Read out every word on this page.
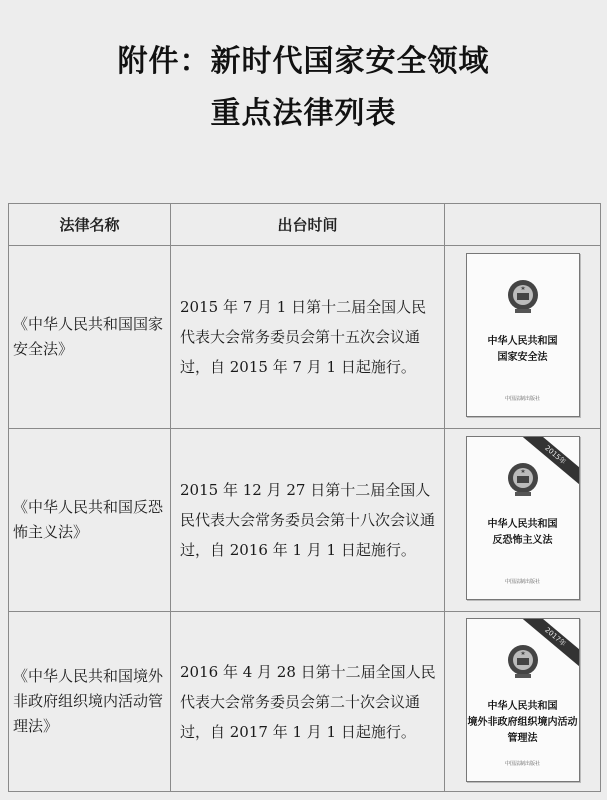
附件：新时代国家安全领域
重点法律列表
法律名称	出台时间	
《中华人民共和国国家安全法》	2015 年 7 月 1 日第十二届全国人民代表大会常务委员会第十五次会议通过，自 2015 年 7 月 1 日起施行。	中华人民共和国
国家安全法
中国法制出版社

《中华人民共和国反恐怖主义法》	2015 年 12 月 27 日第十二届全国人民代表大会常务委员会第十八次会议通过，自 2016 年 1 月 1 日起施行。	2015年
中华人民共和国
反恐怖主义法
中国法制出版社

《中华人民共和国境外非政府组织境内活动管理法》	2016 年 4 月 28 日第十二届全国人民代表大会常务委员会第二十次会议通过，自 2017 年 1 月 1 日起施行。	2017年
中华人民共和国
境外非政府组织境内活动管理法
中国法制出版社
